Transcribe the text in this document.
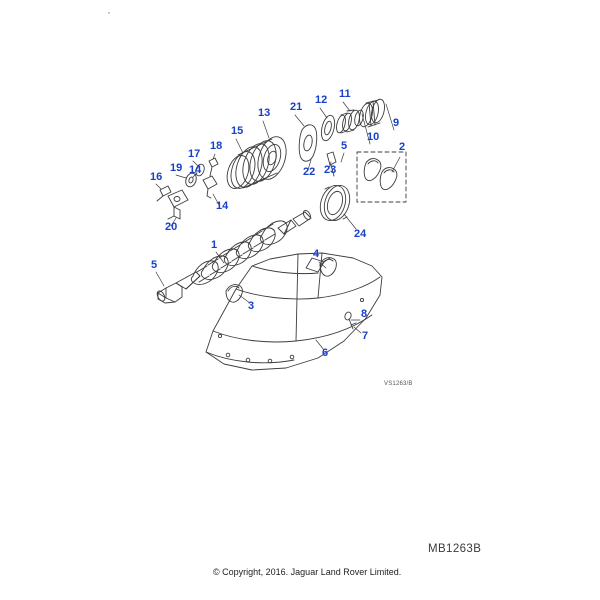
1
2
3
4
5
5
6
7
8
9
10
11
12
13
14
14
15
16
17
18
19
20
21
22 23
24
VS1263/B
MB1263B
© Copyright, 2016. Jaguar Land Rover Limited.
